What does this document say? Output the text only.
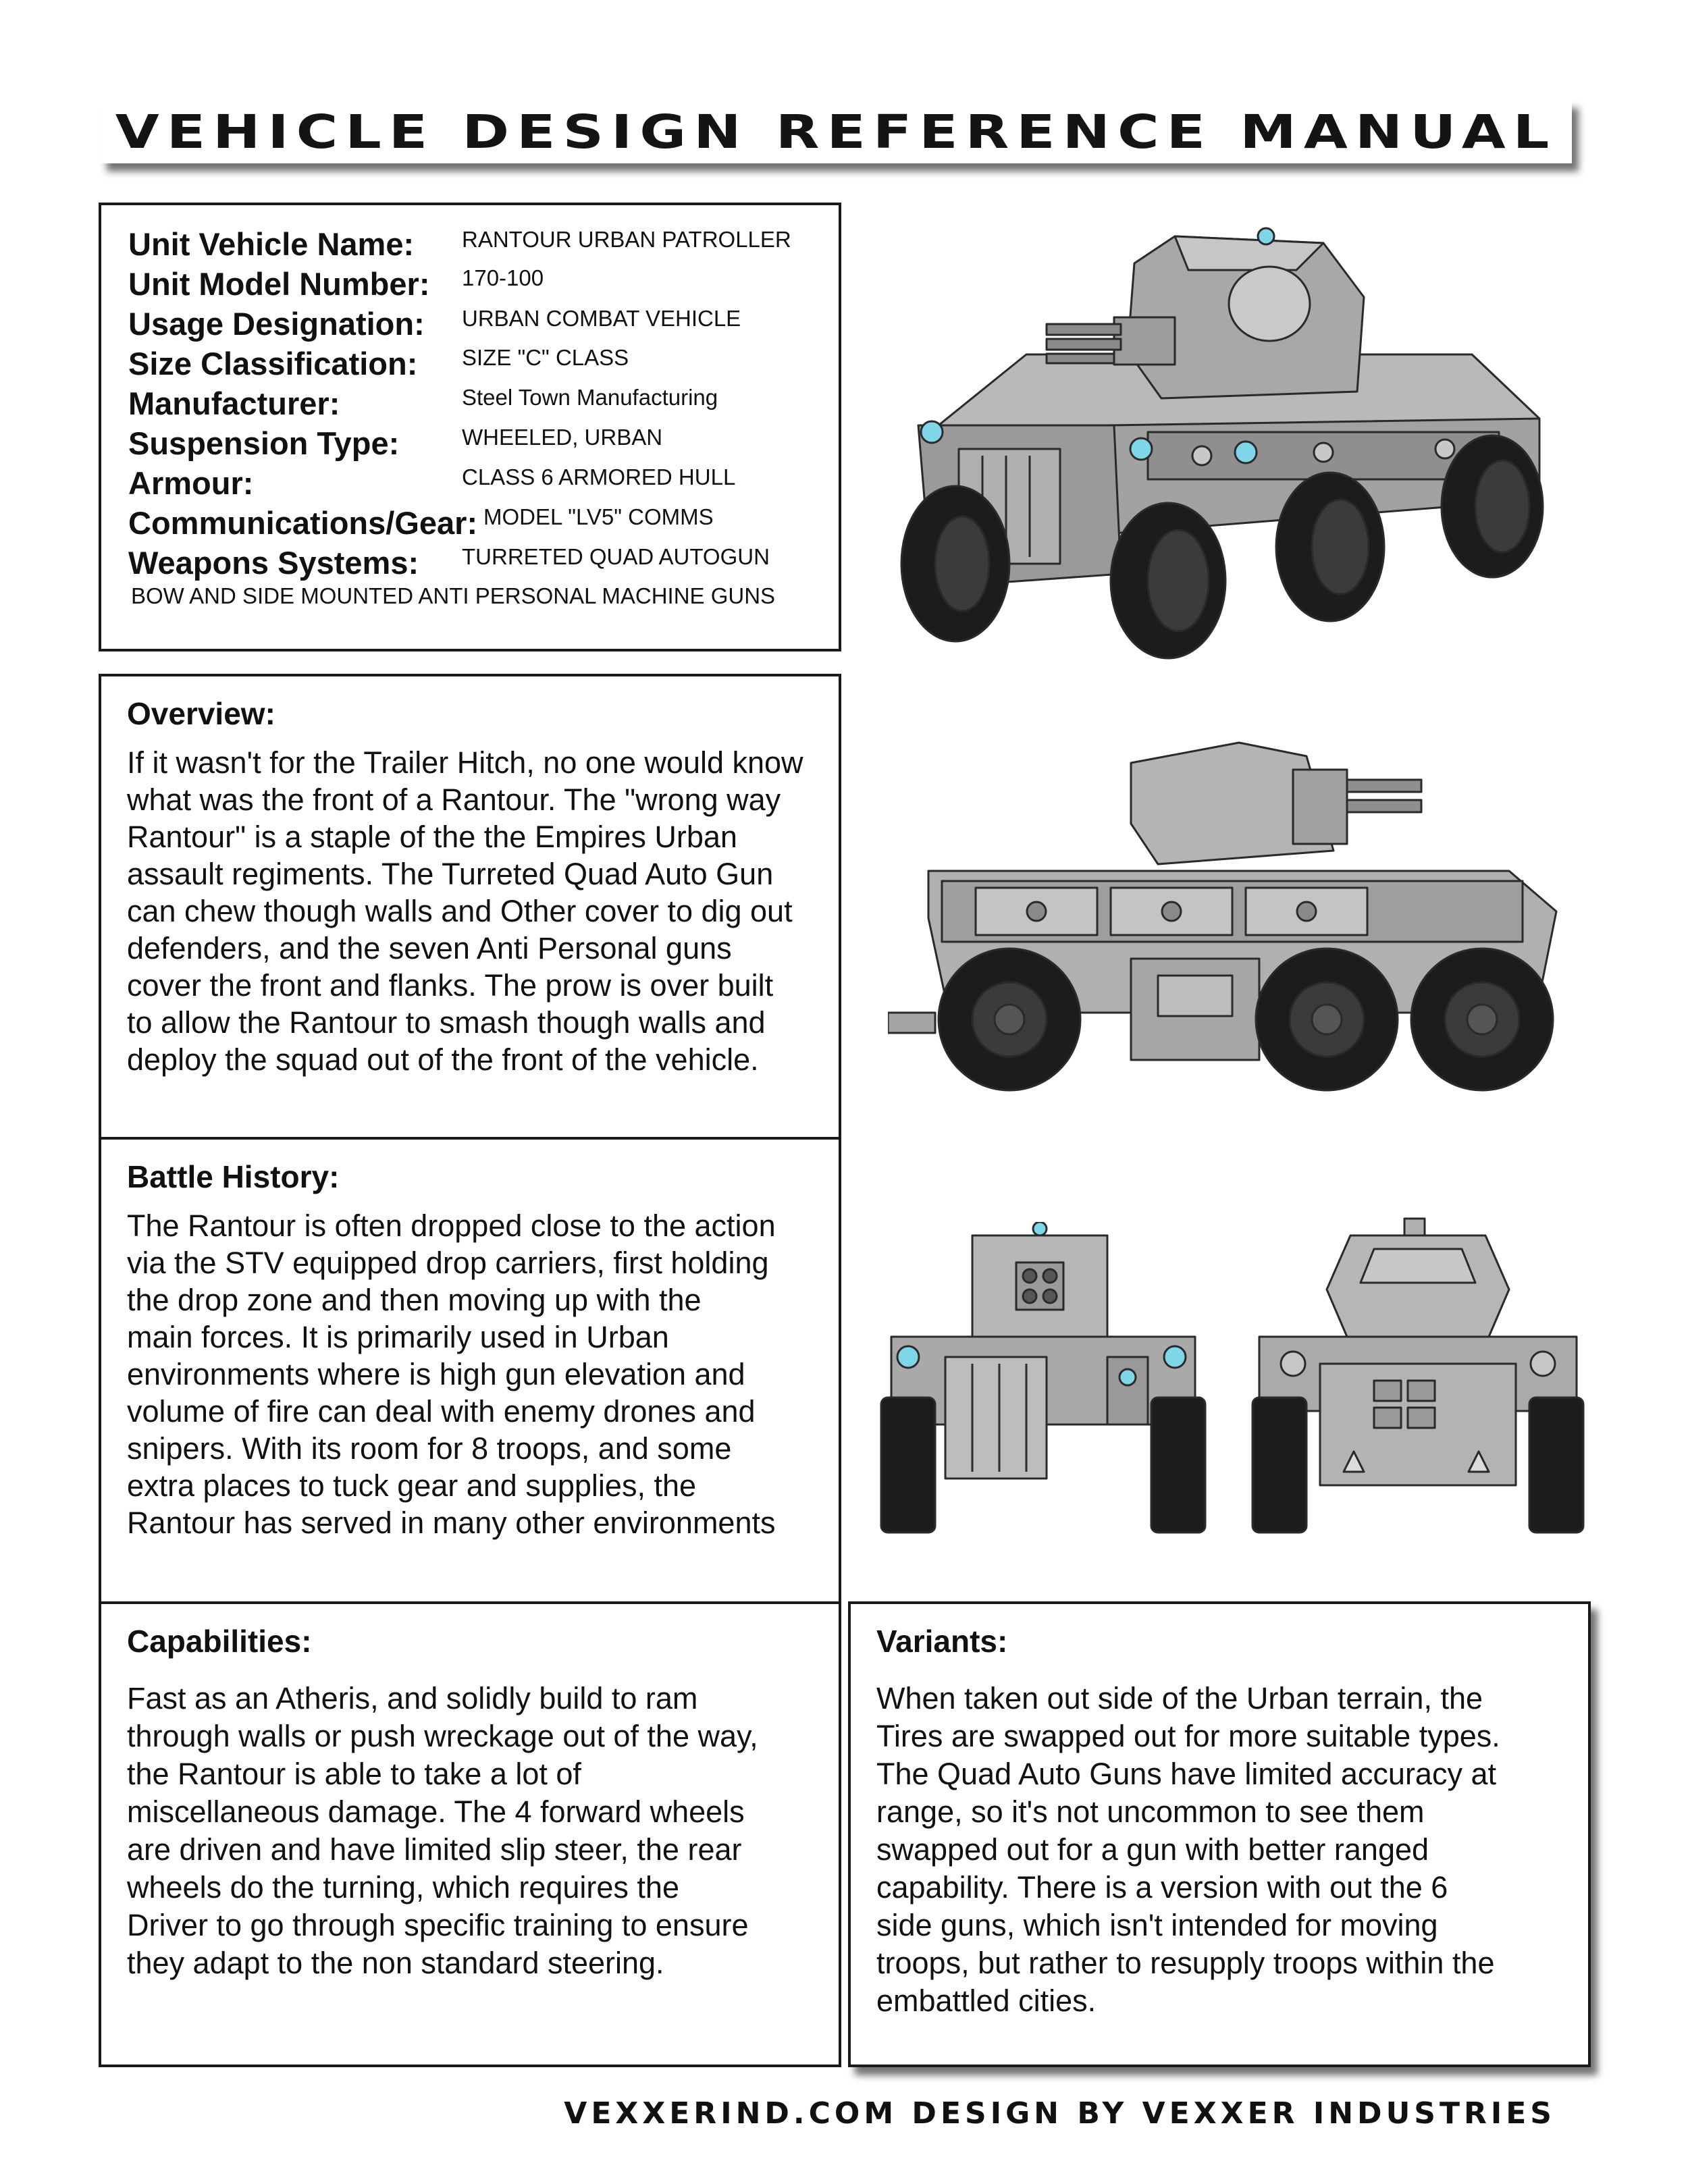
VEHICLE DESIGN REFERENCE MANUAL
Unit Vehicle Name: RANTOUR URBAN PATROLLER
Unit Model Number: 170-100
Usage Designation: URBAN COMBAT VEHICLE
Size Classification: SIZE "C" CLASS
Manufacturer:	Steel Town Manufacturing
Suspension Type:	WHEELED, URBAN
Armour:	CLASS 6 ARMORED HULL
Communications/Gear: MODEL "LV5" COMMS
Weapons Systems: TURRETED QUAD AUTOGUN
BOW AND SIDE MOUNTED ANTI PERSONAL MACHINE GUNS
Overview:
If it wasn't for the Trailer Hitch, no one would know
what was the front of a Rantour. The "wrong way
Rantour" is a staple of the the Empires Urban
assault regiments. The Turreted Quad Auto Gun
can chew though walls and Other cover to dig out
defenders, and the seven Anti Personal guns
cover the front and flanks. The prow is over built
to allow the Rantour to smash though walls and
deploy the squad out of the front of the vehicle.
Battle History:
The Rantour is often dropped close to the action
via the STV equipped drop carriers, first holding
the drop zone and then moving up with the
main forces. It is primarily used in Urban
environments where is high gun elevation and
volume of fire can deal with enemy drones and
snipers. With its room for 8 troops, and some
extra places to tuck gear and supplies, the
Rantour has served in many other environments
Capabilities:
Fast as an Atheris, and solidly build to ram
through walls or push wreckage out of the way,
the Rantour is able to take a lot of
miscellaneous damage. The 4 forward wheels
are driven and have limited slip steer, the rear
wheels do the turning, which requires the
Driver to go through specific training to ensure
they adapt to the non standard steering.
Variants:
When taken out side of the Urban terrain, the
Tires are swapped out for more suitable types.
The Quad Auto Guns have limited accuracy at
range, so it's not uncommon to see them
swapped out for a gun with better ranged
capability. There is a version with out the 6
side guns, which isn't intended for moving
troops, but rather to resupply troops within the
embattled cities.
VEXXERIND.COM DESIGN BY VEXXER INDUSTRIES
